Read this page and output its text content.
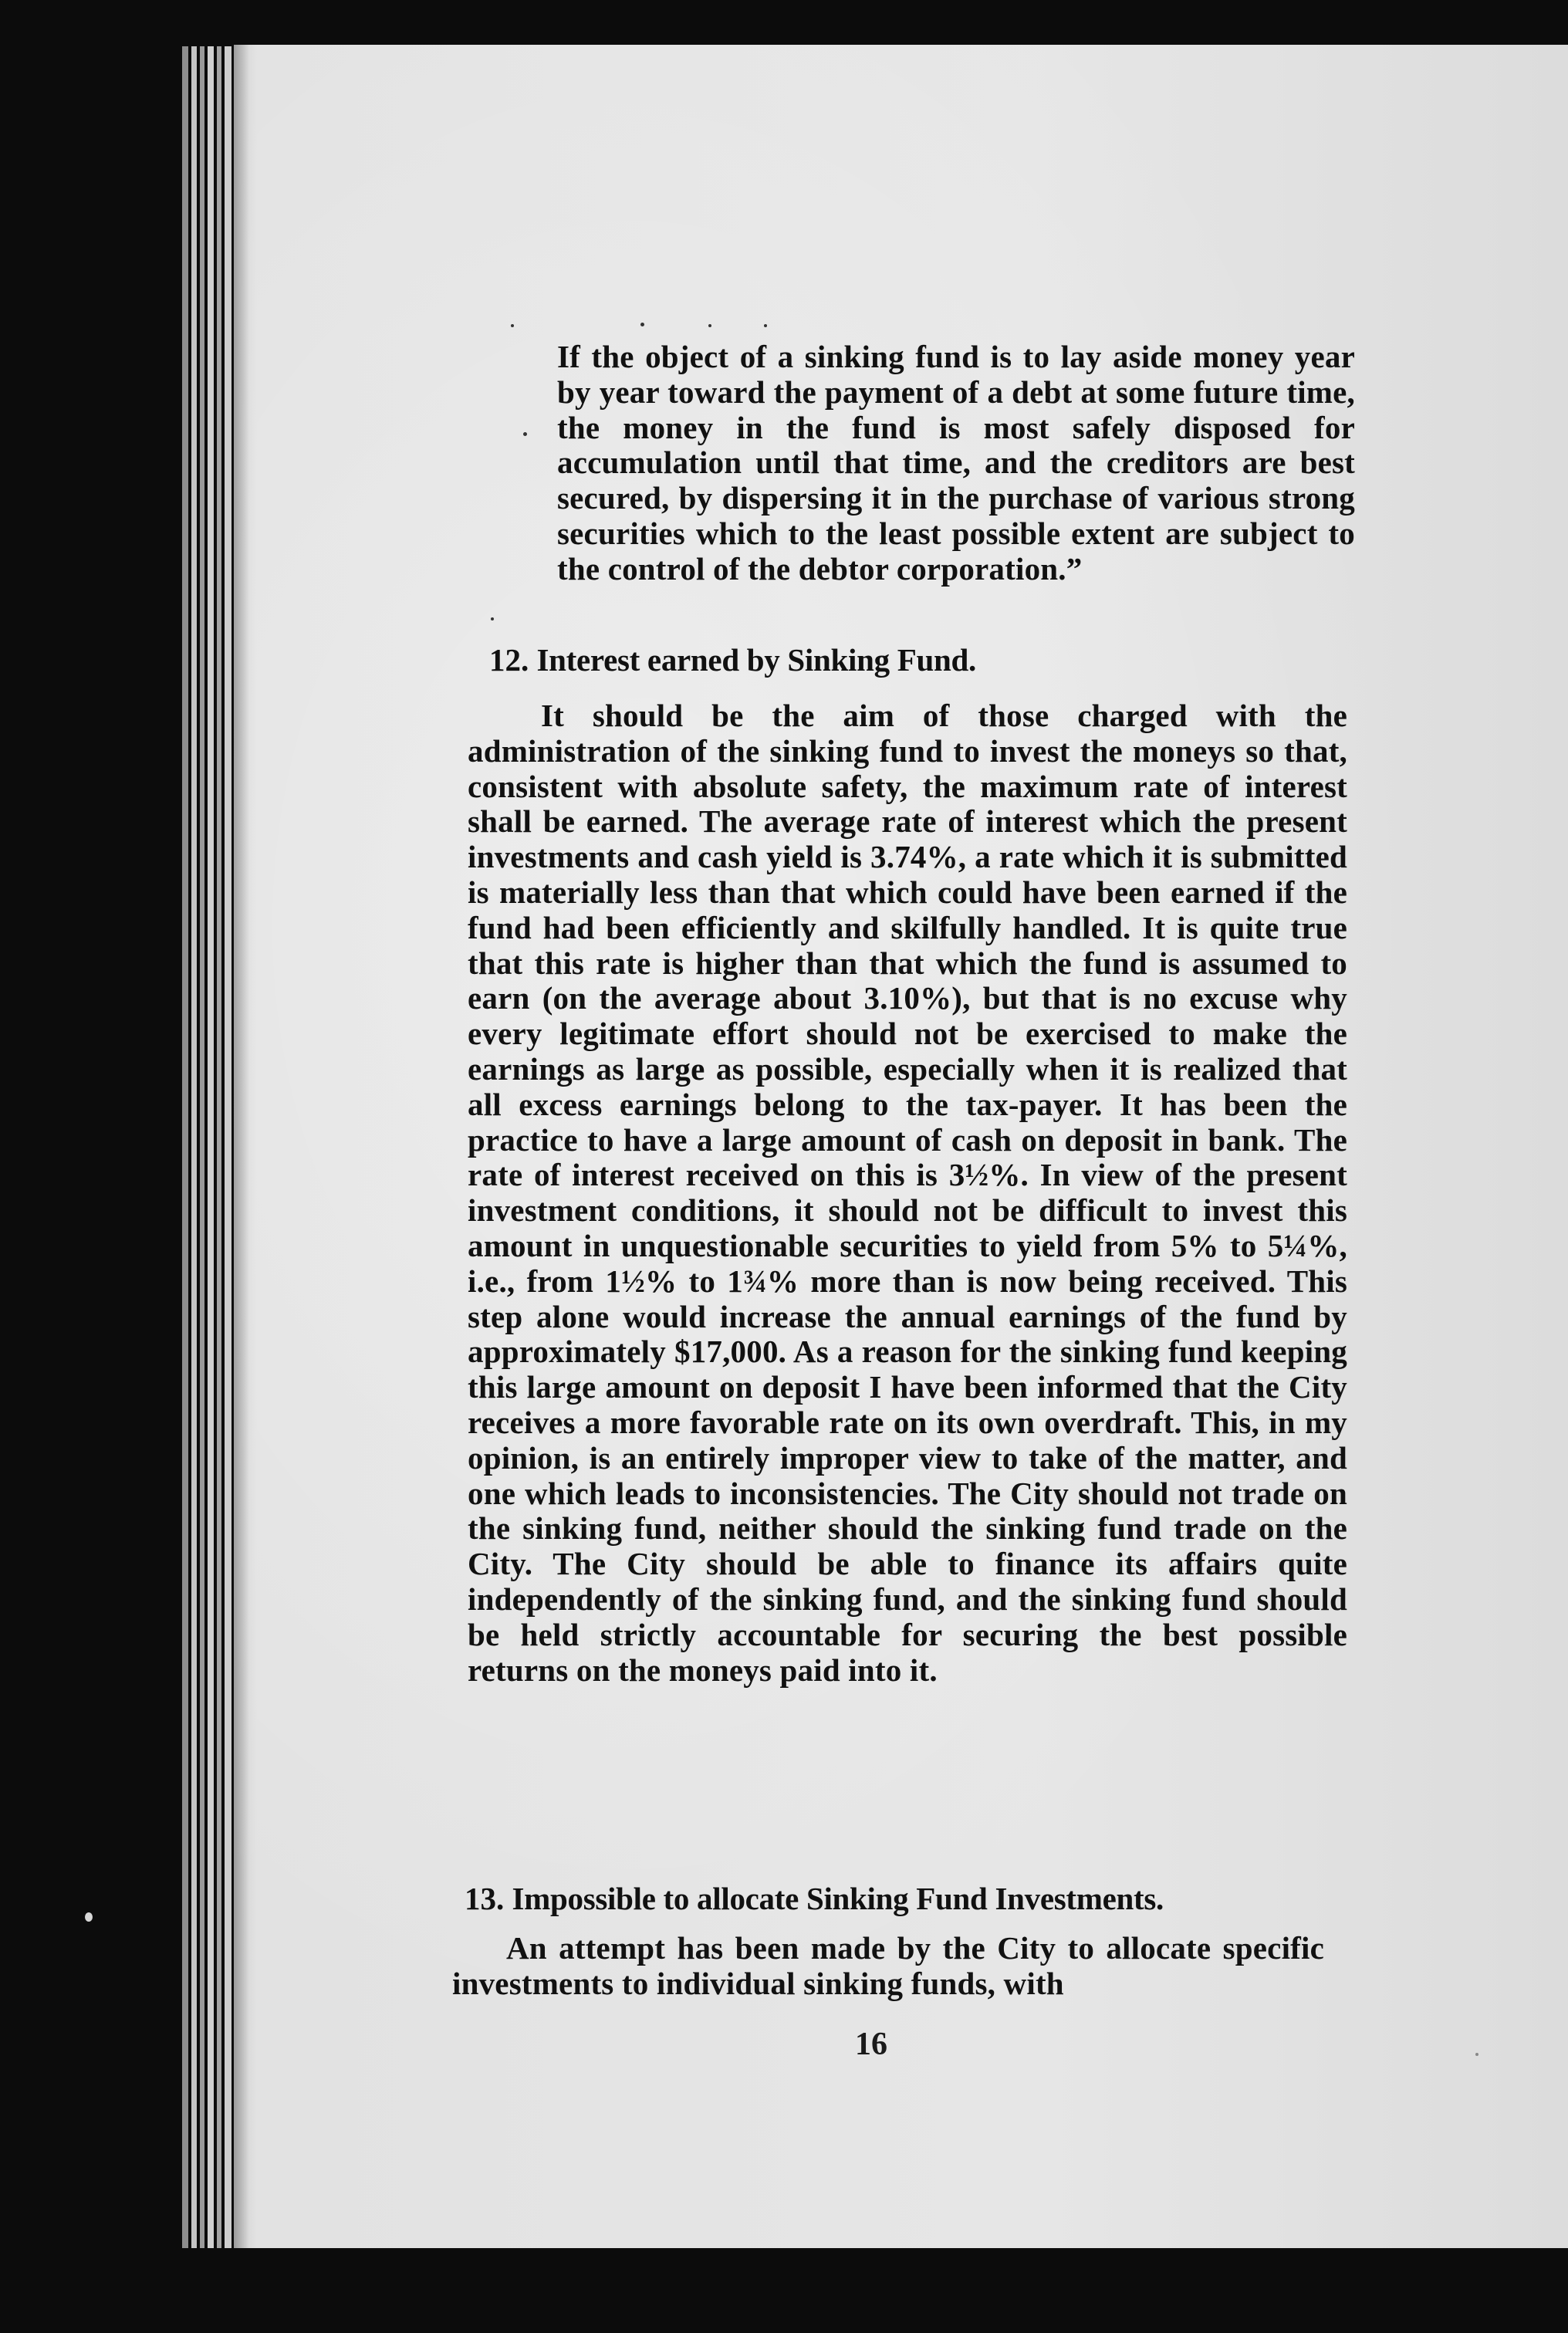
If the object of a sinking fund is to lay aside money year by year toward the payment of a debt at some future time, the money in the fund is most safely disposed for accumulation until that time, and the creditors are best secured, by dispersing it in the purchase of various strong securities which to the least possible extent are subject to the control of the debtor corporation.”

12. Interest earned by Sinking Fund.

It should be the aim of those charged with the administration of the sinking fund to invest the moneys so that, consistent with absolute safety, the maximum rate of interest shall be earned. The average rate of interest which the present investments and cash yield is 3.74%, a rate which it is submitted is materially less than that which could have been earned if the fund had been efficiently and skilfully handled. It is quite true that this rate is higher than that which the fund is assumed to earn (on the average about 3.10%), but that is no excuse why every legitimate effort should not be exercised to make the earnings as large as possible, especially when it is realized that all excess earnings belong to the tax-payer. It has been the practice to have a large amount of cash on deposit in bank. The rate of interest received on this is 3½%. In view of the present investment conditions, it should not be difficult to invest this amount in unquestionable securities to yield from 5% to 5¼%, i.e., from 1½% to 1¾% more than is now being received. This step alone would increase the annual earnings of the fund by approximately $17,000. As a reason for the sinking fund keeping this large amount on deposit I have been informed that the City receives a more favorable rate on its own overdraft. This, in my opinion, is an entirely improper view to take of the matter, and one which leads to inconsistencies. The City should not trade on the sinking fund, neither should the sinking fund trade on the City. The City should be able to finance its affairs quite independently of the sinking fund, and the sinking fund should be held strictly accountable for securing the best possible returns on the moneys paid into it.

13. Impossible to allocate Sinking Fund Investments.

An attempt has been made by the City to allocate specific investments to individual sinking funds, with

16
